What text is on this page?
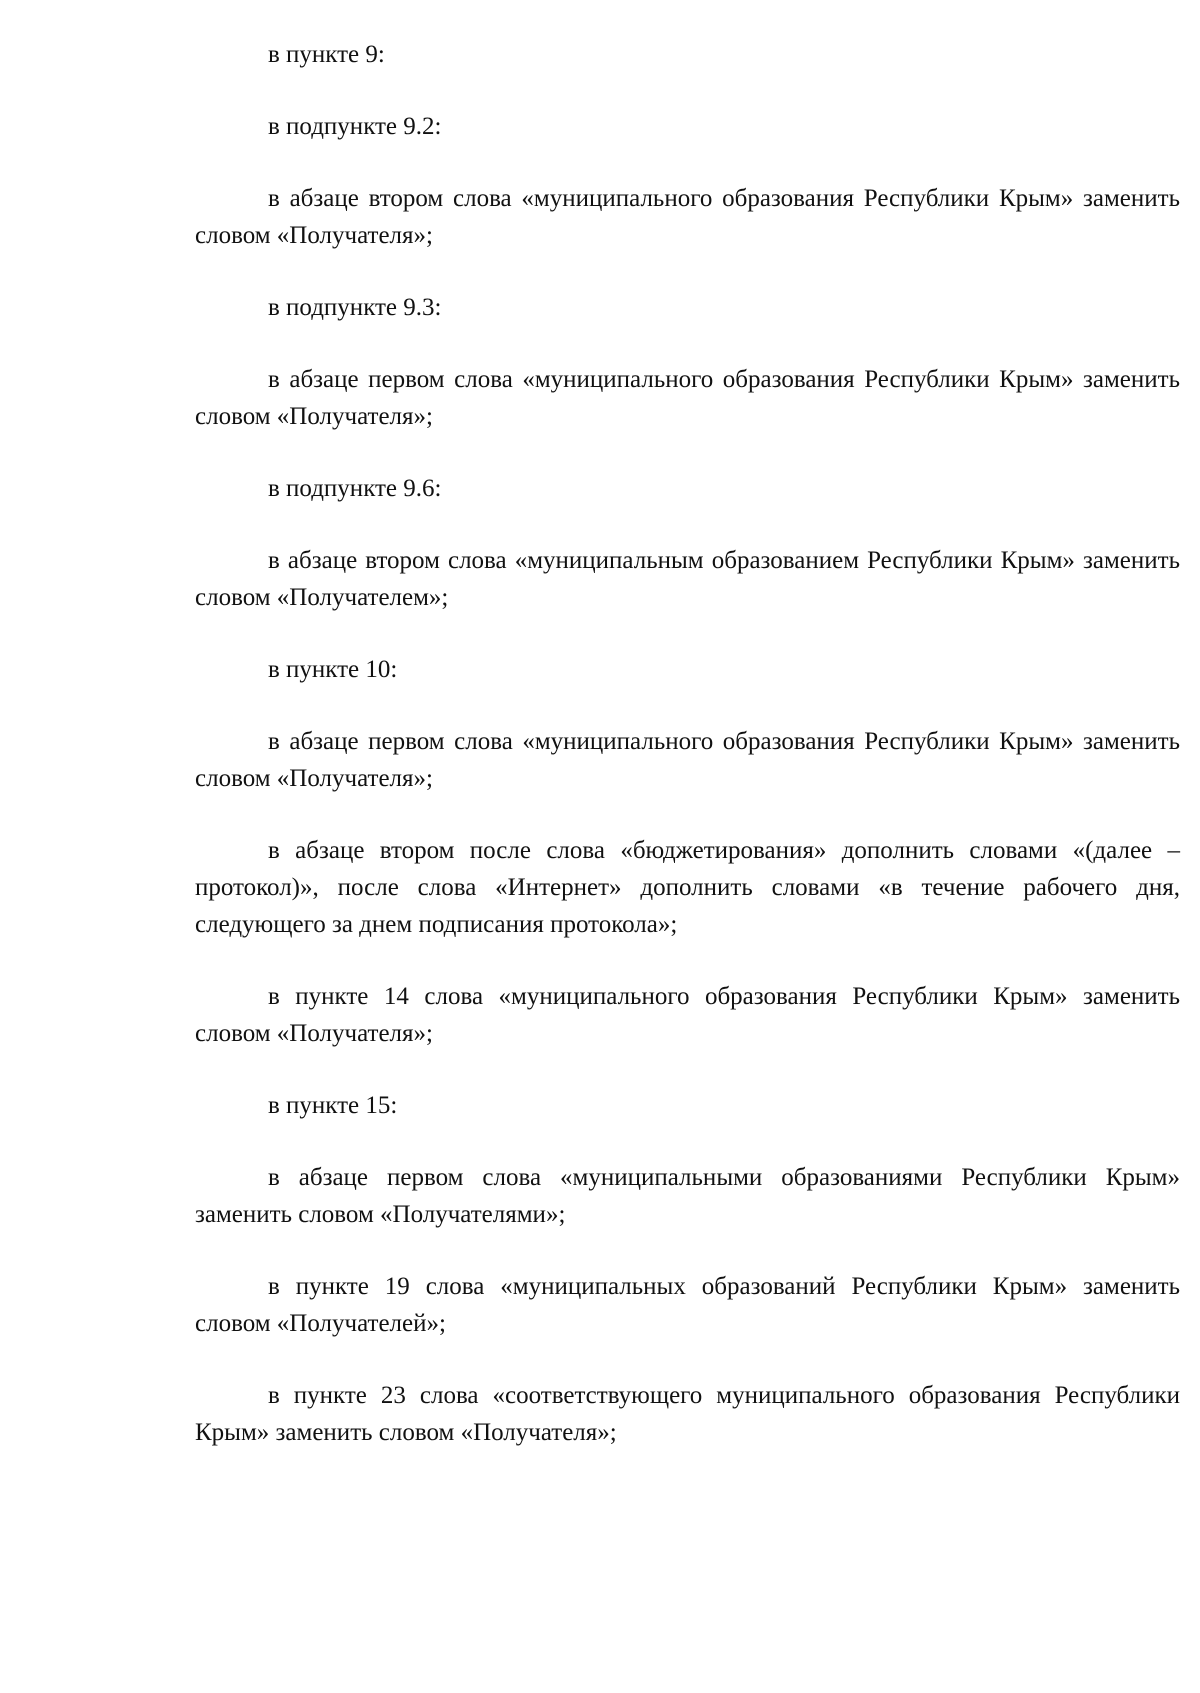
в пункте 9:

в подпункте 9.2:

в абзаце втором слова «муниципального образования Республики Крым» заменить словом «Получателя»;

в подпункте 9.3:

в абзаце первом слова «муниципального образования Республики Крым» заменить словом «Получателя»;

в подпункте 9.6:

в абзаце втором слова «муниципальным образованием Республики Крым» заменить словом «Получателем»;

в пункте 10:

в абзаце первом слова «муниципального образования Республики Крым» заменить словом «Получателя»;

в абзаце втором после слова «бюджетирования» дополнить словами «(далее – протокол)», после слова «Интернет» дополнить словами «в течение рабочего дня, следующего за днем подписания протокола»;

в пункте 14 слова «муниципального образования Республики Крым» заменить словом «Получателя»;

в пункте 15:

в абзаце первом слова «муниципальными образованиями Республики Крым» заменить словом «Получателями»;

в пункте 19 слова «муниципальных образований Республики Крым» заменить словом «Получателей»;

в пункте 23 слова «соответствующего муниципального образования Республики Крым» заменить словом «Получателя»;
